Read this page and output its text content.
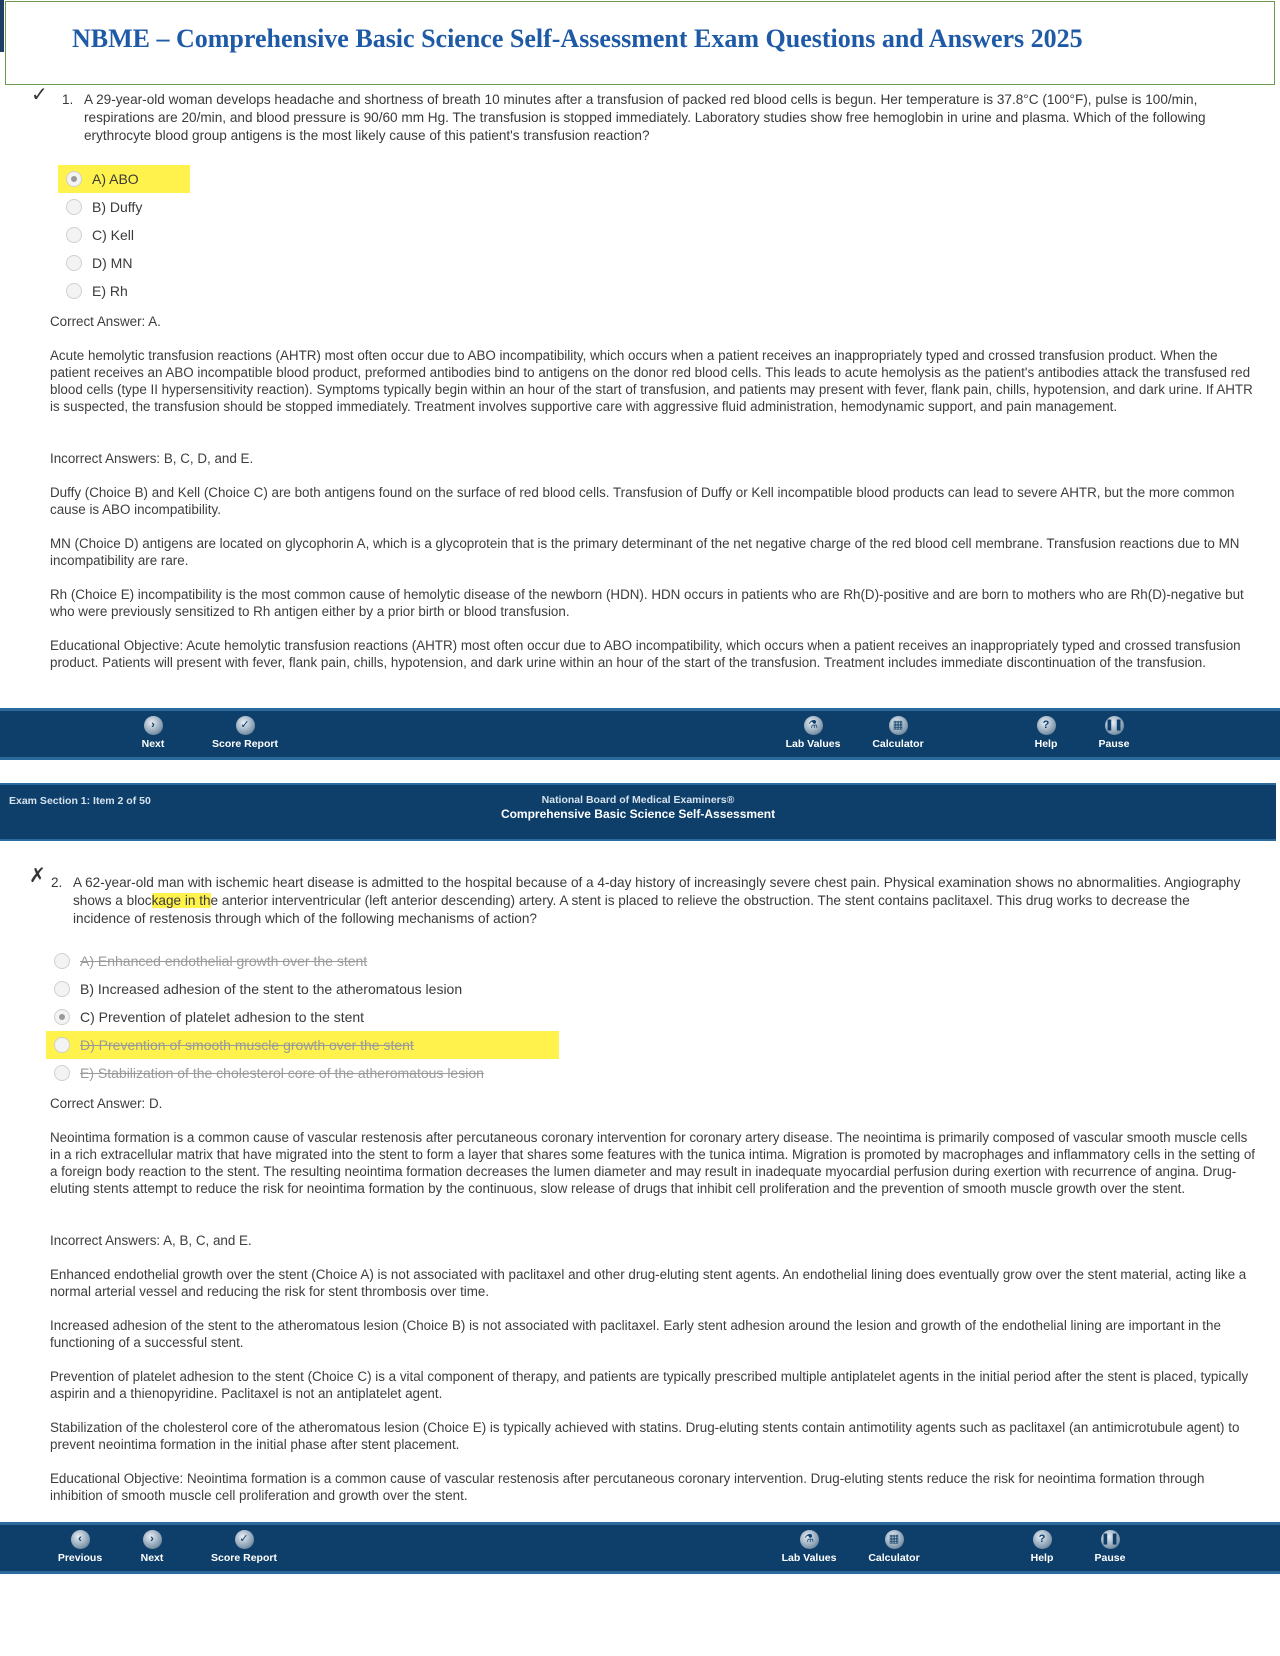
NBME – Comprehensive Basic Science Self-Assessment Exam Questions and Answers 2025
✓ 1. A 29-year-old woman develops headache and shortness of breath 10 minutes after a transfusion of packed red blood cells is begun. Her temperature is 37.8°C (100°F), pulse is 100/min, respirations are 20/min, and blood pressure is 90/60 mm Hg. The transfusion is stopped immediately. Laboratory studies show free hemoglobin in urine and plasma. Which of the following erythrocyte blood group antigens is the most likely cause of this patient's transfusion reaction?
A) ABO
B) Duffy
C) Kell
D) MN
E) Rh
Correct Answer: A.
Acute hemolytic transfusion reactions (AHTR) most often occur due to ABO incompatibility, which occurs when a patient receives an inappropriately typed and crossed transfusion product. When the patient receives an ABO incompatible blood product, preformed antibodies bind to antigens on the donor red blood cells. This leads to acute hemolysis as the patient's antibodies attack the transfused red blood cells (type II hypersensitivity reaction). Symptoms typically begin within an hour of the start of transfusion, and patients may present with fever, flank pain, chills, hypotension, and dark urine. If AHTR is suspected, the transfusion should be stopped immediately. Treatment involves supportive care with aggressive fluid administration, hemodynamic support, and pain management.
Incorrect Answers: B, C, D, and E.
Duffy (Choice B) and Kell (Choice C) are both antigens found on the surface of red blood cells. Transfusion of Duffy or Kell incompatible blood products can lead to severe AHTR, but the more common cause is ABO incompatibility.
MN (Choice D) antigens are located on glycophorin A, which is a glycoprotein that is the primary determinant of the net negative charge of the red blood cell membrane. Transfusion reactions due to MN incompatibility are rare.
Rh (Choice E) incompatibility is the most common cause of hemolytic disease of the newborn (HDN). HDN occurs in patients who are Rh(D)-positive and are born to mothers who are Rh(D)-negative but who were previously sensitized to Rh antigen either by a prior birth or blood transfusion.
Educational Objective: Acute hemolytic transfusion reactions (AHTR) most often occur due to ABO incompatibility, which occurs when a patient receives an inappropriately typed and crossed transfusion product. Patients will present with fever, flank pain, chills, hypotension, and dark urine within an hour of the start of the transfusion. Treatment includes immediate discontinuation of the transfusion.
›
Next
✓
Score Report
⚗
Lab Values
▦
Calculator
?
Help
❚❚
Pause
Exam Section 1: Item 2 of 50	National Board of Medical Examiners®
Comprehensive Basic Science Self-Assessment
✗ 2. A 62-year-old man with ischemic heart disease is admitted to the hospital because of a 4-day history of increasingly severe chest pain. Physical examination shows no abnormalities. Angiography shows a blockage in the anterior interventricular (left anterior descending) artery. A stent is placed to relieve the obstruction. The stent contains paclitaxel. This drug works to decrease the incidence of restenosis through which of the following mechanisms of action?
A) Enhanced endothelial growth over the stent
B) Increased adhesion of the stent to the atheromatous lesion
C) Prevention of platelet adhesion to the stent
D) Prevention of smooth muscle growth over the stent
E) Stabilization of the cholesterol core of the atheromatous lesion
Correct Answer: D.
Neointima formation is a common cause of vascular restenosis after percutaneous coronary intervention for coronary artery disease. The neointima is primarily composed of vascular smooth muscle cells in a rich extracellular matrix that have migrated into the stent to form a layer that shares some features with the tunica intima. Migration is promoted by macrophages and inflammatory cells in the setting of a foreign body reaction to the stent. The resulting neointima formation decreases the lumen diameter and may result in inadequate myocardial perfusion during exertion with recurrence of angina. Drug-eluting stents attempt to reduce the risk for neointima formation by the continuous, slow release of drugs that inhibit cell proliferation and the prevention of smooth muscle growth over the stent.
Incorrect Answers: A, B, C, and E.
Enhanced endothelial growth over the stent (Choice A) is not associated with paclitaxel and other drug-eluting stent agents. An endothelial lining does eventually grow over the stent material, acting like a normal arterial vessel and reducing the risk for stent thrombosis over time.
Increased adhesion of the stent to the atheromatous lesion (Choice B) is not associated with paclitaxel. Early stent adhesion around the lesion and growth of the endothelial lining are important in the functioning of a successful stent.
Prevention of platelet adhesion to the stent (Choice C) is a vital component of therapy, and patients are typically prescribed multiple antiplatelet agents in the initial period after the stent is placed, typically aspirin and a thienopyridine. Paclitaxel is not an antiplatelet agent.
Stabilization of the cholesterol core of the atheromatous lesion (Choice E) is typically achieved with statins. Drug-eluting stents contain antimotility agents such as paclitaxel (an antimicrotubule agent) to prevent neointima formation in the initial phase after stent placement.
Educational Objective: Neointima formation is a common cause of vascular restenosis after percutaneous coronary intervention. Drug-eluting stents reduce the risk for neointima formation through inhibition of smooth muscle cell proliferation and growth over the stent.
‹
Previous
›
Next
✓
Score Report
⚗
Lab Values
▦
Calculator
?
Help
❚❚
Pause
